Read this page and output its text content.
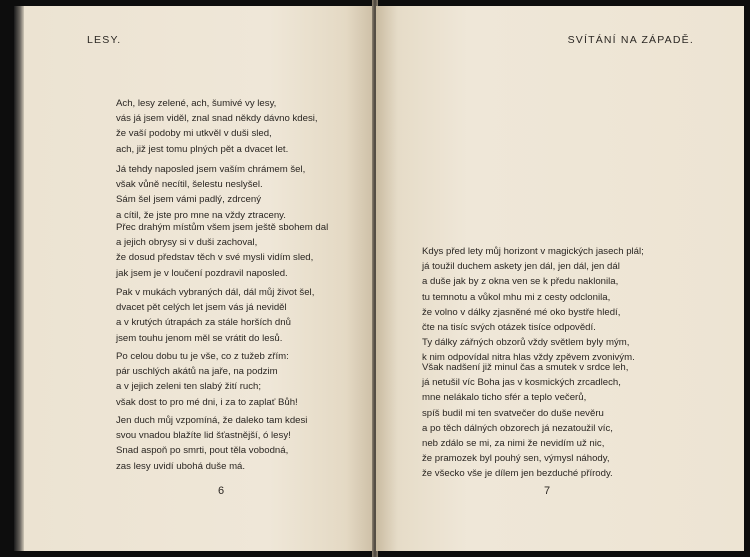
LESY.

Ach, lesy zelené, ach, šumivé vy lesy,
vás já jsem viděl, znal snad někdy dávno kdesi,
že vaší podoby mi utkvěl v duši sled,
ach, již jest tomu plných pět a dvacet let.

Já tehdy naposled jsem vaším chrámem šel,
však vůně necítil, šelestu neslyšel.
Sám šel jsem vámi padlý, zdrcený
a cítil, že jste pro mne na vždy ztraceny.

Přec drahým místům všem jsem ještě sbohem dal
a jejich obrysy si v duši zachoval,
že dosud představ těch v své mysli vidím sled,
jak jsem je v loučení pozdravil naposled.

Pak v mukách vybraných dál, dál můj život šel,
dvacet pět celých let jsem vás já neviděl
a v krutých útrapách za stále horších dnů
jsem touhu jenom měl se vrátit do lesů.

Po celou dobu tu je vše, co z tužeb zřím:
pár uschlých akátů na jaře, na podzim
a v jejich zeleni ten slabý žití ruch;
však dost to pro mé dni, i za to zaplať Bůh!

Jen duch můj vzpomíná, že daleko tam kdesi
svou vnadou blažíte lid šťastnější, ó lesy!
Snad aspoň po smrti, pout těla vobodná,
zas lesy uvidí ubohá duše má.

6
SVÍTÁNÍ NA ZÁPADĚ.

Kdys před lety můj horizont v magických jasech plál;
já toužil duchem askety jen dál, jen dál, jen dál
a duše jak by z okna ven se k předu naklonila,
tu temnotu a vůkol mhu mi z cesty odclonila,
že volno v dálky zjasněné mé oko bystře hledí,
čte na tisíc svých otázek tisíce odpovědí.
Ty dálky zářných obzorů vždy světlem byly mým,
k nim odpovídal nitra hlas vždy zpěvem zvonivým.

Však nadšení již minul čas a smutek v srdce leh,
já netušil víc Boha jas v kosmických zrcadlech,
mne nelákalo ticho sfér a teplo večerů,
spíš budil mi ten svatvečer do duše nevěru
a po těch dálných obzorech já nezatoužil víc,
neb zdálo se mi, za nimi že nevidím už nic,
že pramozek byl pouhý sen, výmysl náhody,
že všecko vše je dílem jen bezduché přírody.

7
